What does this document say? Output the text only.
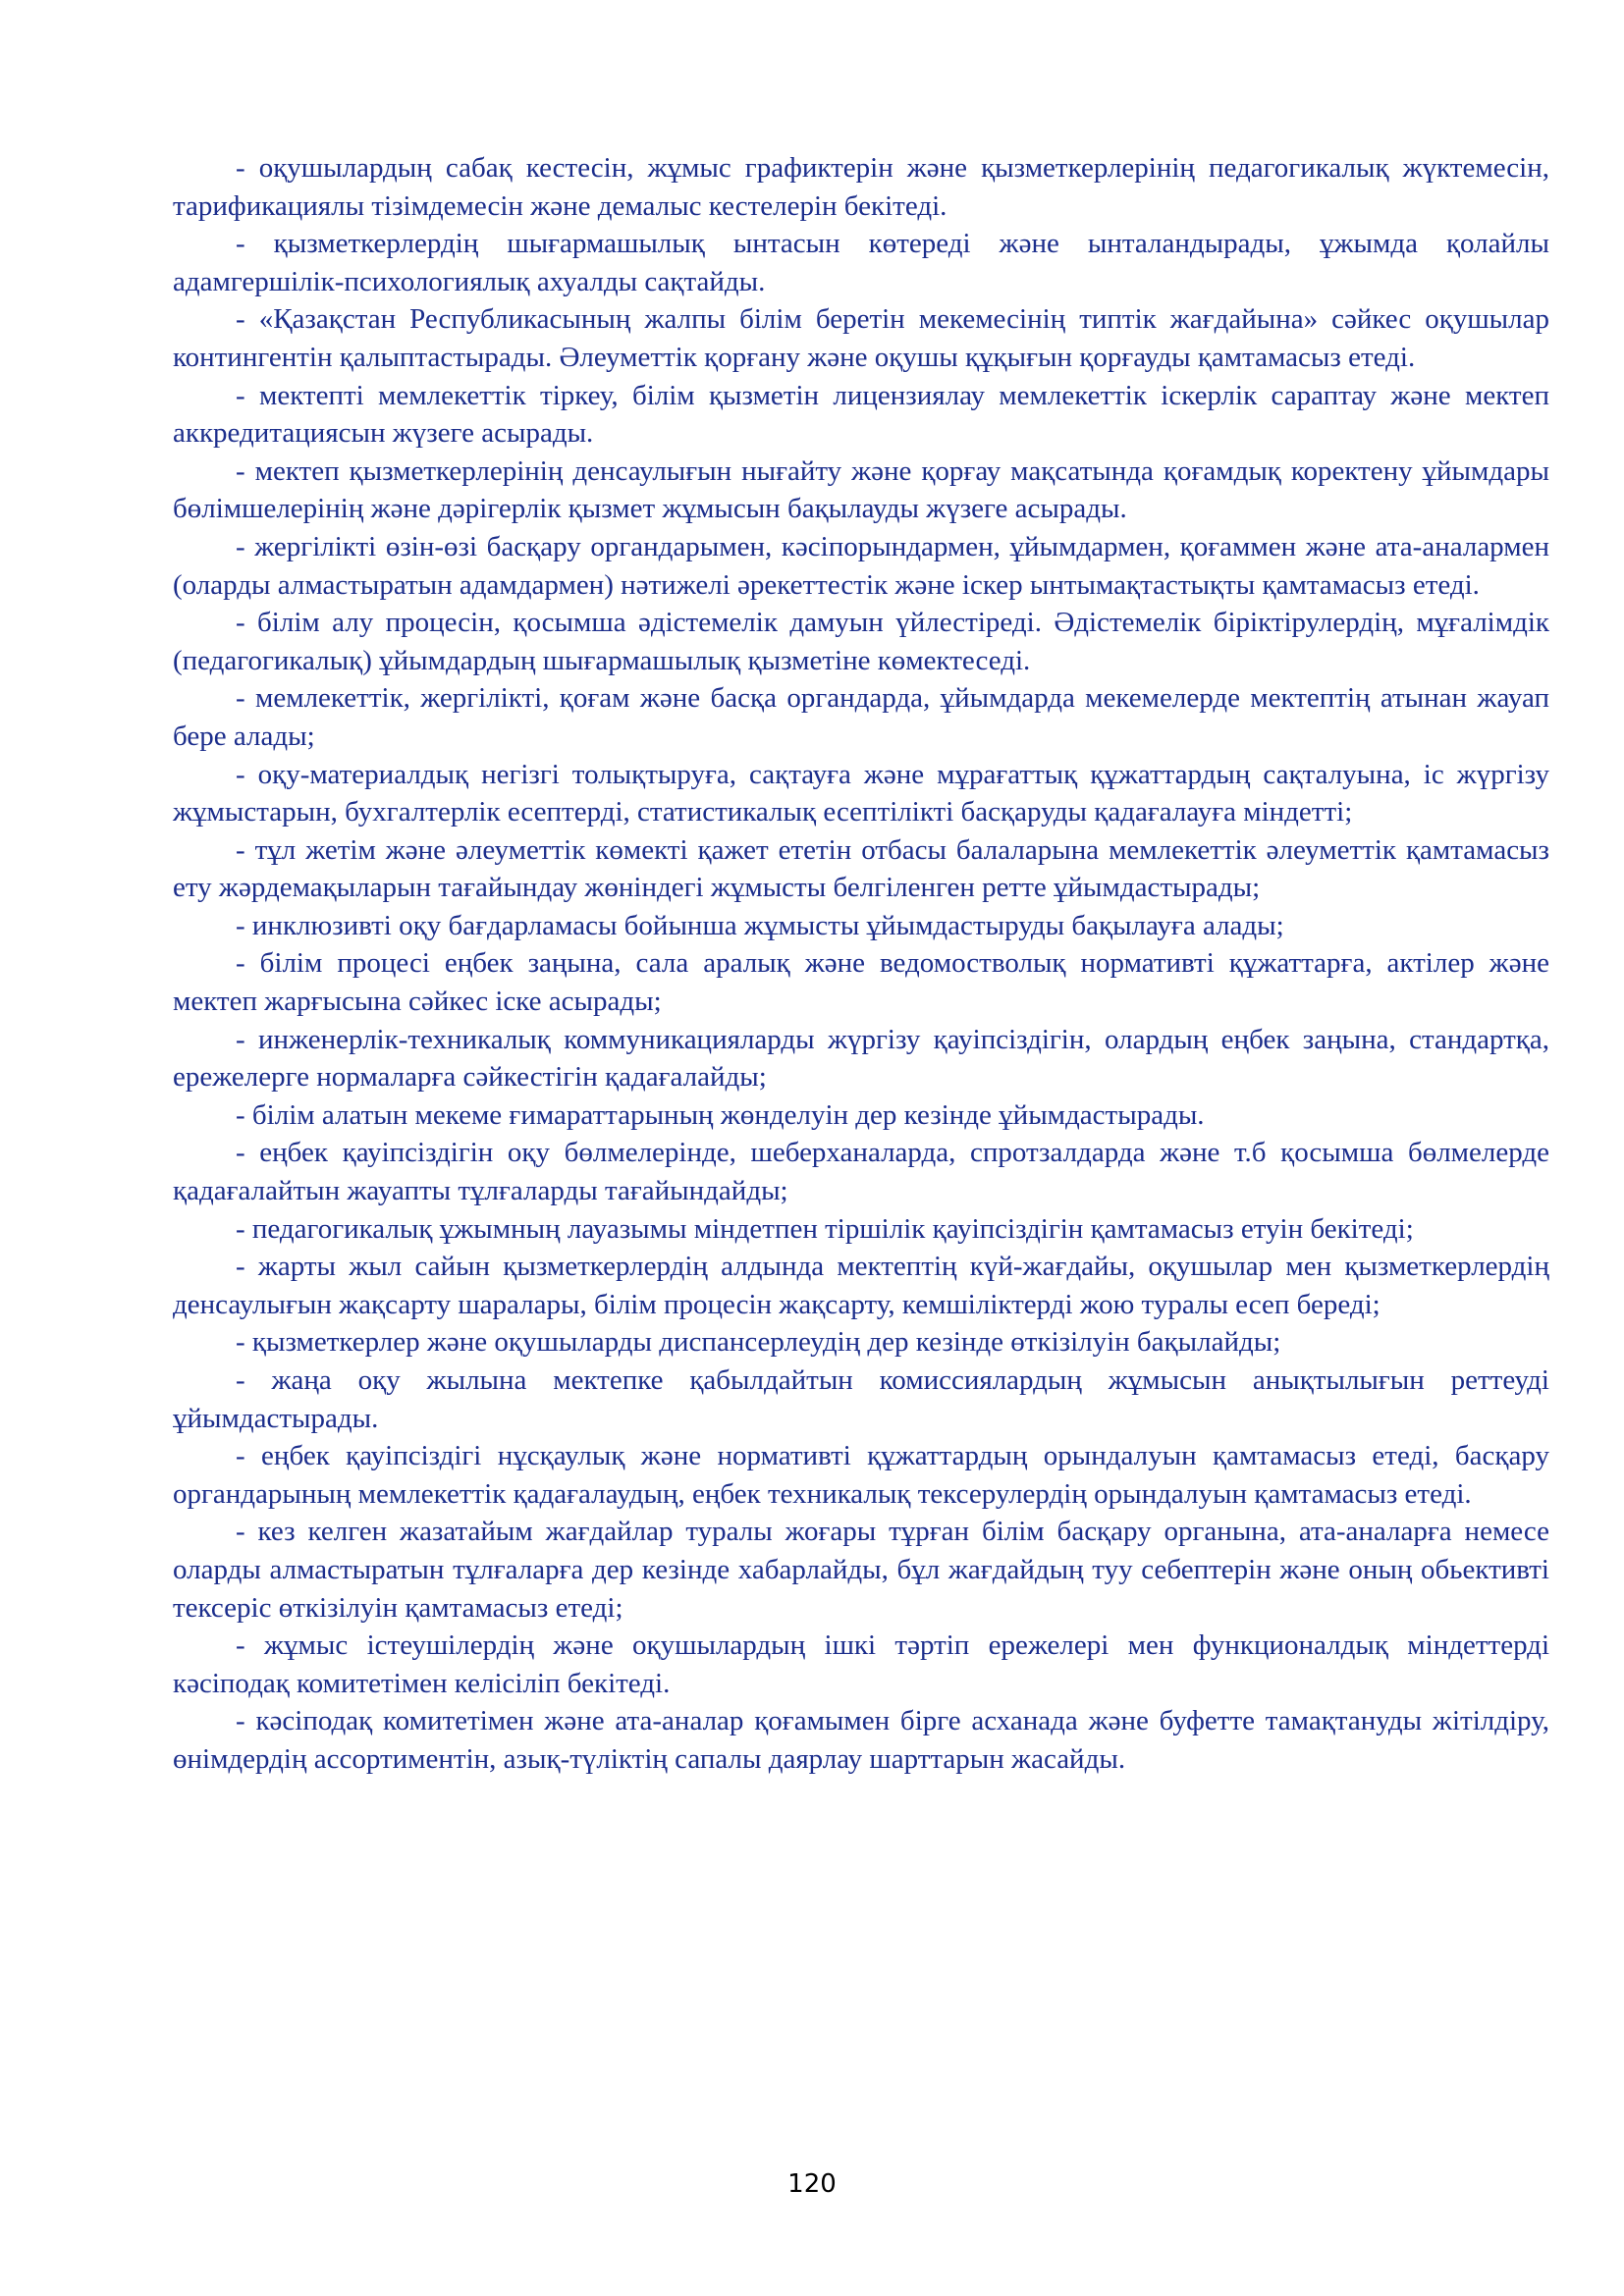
- оқушылардың сабақ кестесін, жұмыс графиктерін және қызметкерлерінің педагогикалық жүктемесін, тарификациялы тізімдемесін және демалыс кестелерін бекітеді.

- қызметкерлердің шығармашылық ынтасын көтереді және ынталандырады, ұжымда қолайлы адамгершілік-психологиялық ахуалды сақтайды.

- «Қазақстан Республикасының жалпы білім беретін мекемесінің типтік жағдайына» сәйкес оқушылар контингентін қалыптастырады. Әлеуметтік қорғану және оқушы құқығын қорғауды қамтамасыз етеді.

- мектепті мемлекеттік тіркеу, білім қызметін лицензиялау мемлекеттік іскерлік сараптау және мектеп аккредитациясын жүзеге асырады.

- мектеп қызметкерлерінің денсаулығын нығайту және қорғау мақсатында қоғамдық коректену ұйымдары бөлімшелерінің және дәрігерлік қызмет жұмысын бақылауды жүзеге асырады.

- жергілікті өзін-өзі басқару органдарымен, кәсіпорындармен, ұйымдармен, қоғаммен және ата-аналармен (оларды алмастыратын адамдармен) нәтижелі әрекеттестік және іскер ынтымақтастықты қамтамасыз етеді.

- білім алу процесін, қосымша әдістемелік дамуын үйлестіреді. Әдістемелік біріктірулердің, мұғалімдік (педагогикалық) ұйымдардың шығармашылық қызметіне көмектеседі.

- мемлекеттік, жергілікті, қоғам және басқа органдарда, ұйымдарда мекемелерде мектептің атынан жауап бере алады;

- оқу-материалдық негізгі толықтыруға, сақтауға және мұрағаттық құжаттардың сақталуына, іс жүргізу жұмыстарын, бухгалтерлік есептерді, статистикалық есептілікті басқаруды қадағалауға міндетті;

- тұл жетім және әлеуметтік көмекті қажет ететін отбасы балаларына мемлекеттік әлеуметтік қамтамасыз ету жәрдемақыларын тағайындау жөніндегі жұмысты белгіленген ретте ұйымдастырады;

- инклюзивті оқу бағдарламасы бойынша жұмысты ұйымдастыруды бақылауға алады;

- білім процесі еңбек заңына, сала аралық және ведомостволық нормативті құжаттарға, актілер және мектеп жарғысына сәйкес іске асырады;

- инженерлік-техникалық коммуникацияларды жүргізу қауіпсіздігін, олардың еңбек заңына, стандартқа, ережелерге нормаларға сәйкестігін қадағалайды;

- білім алатын мекеме ғимараттарының жөнделуін дер кезінде ұйымдастырады.

- еңбек қауіпсіздігін оқу бөлмелерінде, шеберханаларда, спротзалдарда және т.б қосымша бөлмелерде қадағалайтын жауапты тұлғаларды тағайындайды;

- педагогикалық ұжымның лауазымы міндетпен тіршілік қауіпсіздігін қамтамасыз етуін бекітеді;

- жарты жыл сайын қызметкерлердің алдында мектептің күй-жағдайы, оқушылар мен қызметкерлердің денсаулығын жақсарту шаралары, білім процесін жақсарту, кемшіліктерді жою туралы есеп береді;

- қызметкерлер және оқушыларды диспансерлеудің дер кезінде өткізілуін бақылайды;

- жаңа оқу жылына мектепке қабылдайтын комиссиялардың жұмысын анықтылығын реттеуді ұйымдастырады.

- еңбек қауіпсіздігі нұсқаулық және нормативті құжаттардың орындалуын қамтамасыз етеді, басқару органдарының мемлекеттік қадағалаудың, еңбек техникалық тексерулердің орындалуын қамтамасыз етеді.

- кез келген жазатайым жағдайлар туралы жоғары тұрған білім басқару органына, ата-аналарға немесе оларды алмастыратын тұлғаларға дер кезінде хабарлайды, бұл жағдайдың туу себептерін және оның обьективті тексеріс өткізілуін қамтамасыз етеді;

- жұмыс істеушілердің және оқушылардың ішкі тәртіп ережелері мен функционалдық міндеттерді кәсіподақ комитетімен келісіліп бекітеді.

- кәсіподақ комитетімен және ата-аналар қоғамымен бірге асханада және буфетте тамақтануды жітілдіру, өнімдердің ассортиментін, азық-түліктің сапалы даярлау шарттарын жасайды.

120
